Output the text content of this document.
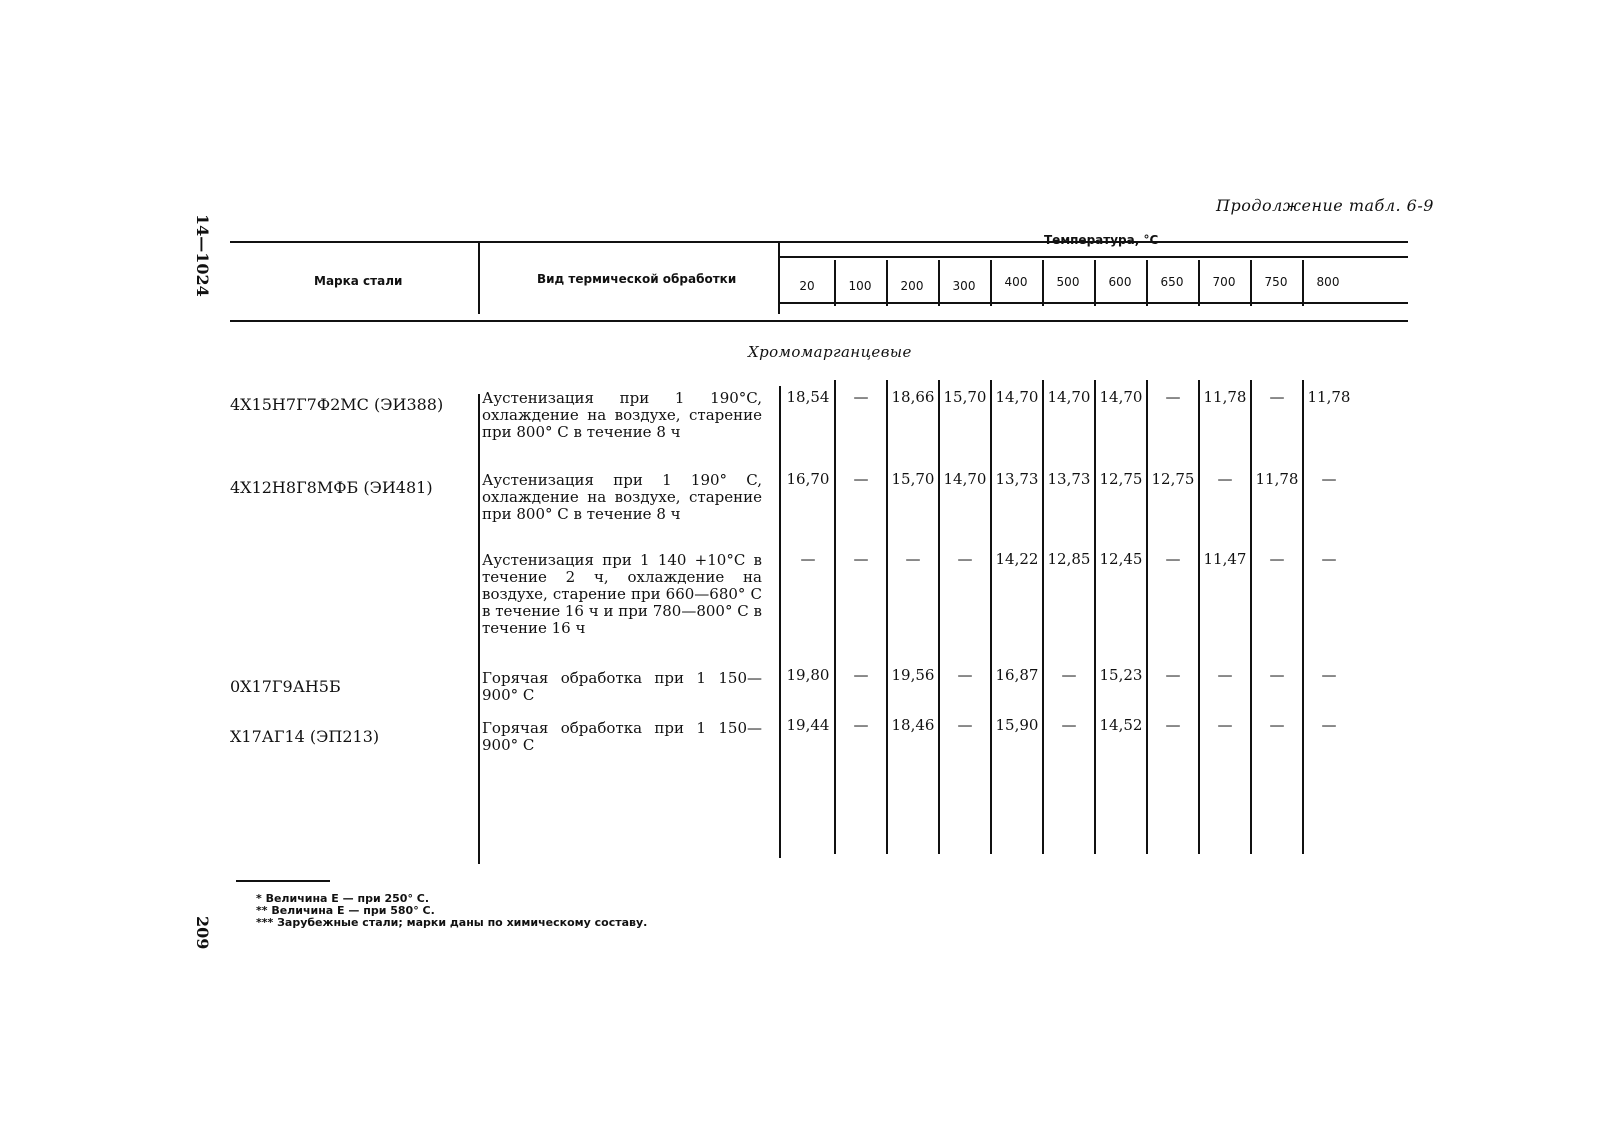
14—1024
209
Продолжение табл. 6-9
Марка стали	Вид термической обработки
Температура, °C
20	100	200	300	400	500	600	650	700	750	800
Хромомарганцевые
4Х15Н7Г7Ф2МС (ЭИ388)	Аустенизация при 1 190°C, охлаждение на воздухе, старение при 800° C в течение 8 ч
18,54	—	18,66 15,70 14,70 14,70 14,70	—	11,78	—	11,78
4Х12Н8Г8МФБ (ЭИ481)	Аустенизация при 1 190° C, охлаждение на воздухе, старение при 800° C в течение 8 ч
16,70	—	15,70 14,70 13,73 13,73 12,75 12,75	—	11,78	—
Аустенизация при 1 140 +10°C в течение 2 ч, охлаждение на воздухе, старение при 660—680° C в течение 16 ч и при 780—800° C в течение 16 ч
—	—	—	—	14,22 12,85 12,45	—	11,47	—	—
0Х17Г9АН5Б	Горячая обработка при 1 150—900° C
19,80	—	19,56	—	16,87	—	15,23	—	—	—	—
Х17АГ14 (ЭП213)	Горячая обработка при 1 150—900° C
19,44	—	18,46	—	15,90	—	14,52	—	—	—	—
* Величина E — при 250° C.
** Величина E — при 580° C.
*** Зарубежные стали; марки даны по химическому составу.
